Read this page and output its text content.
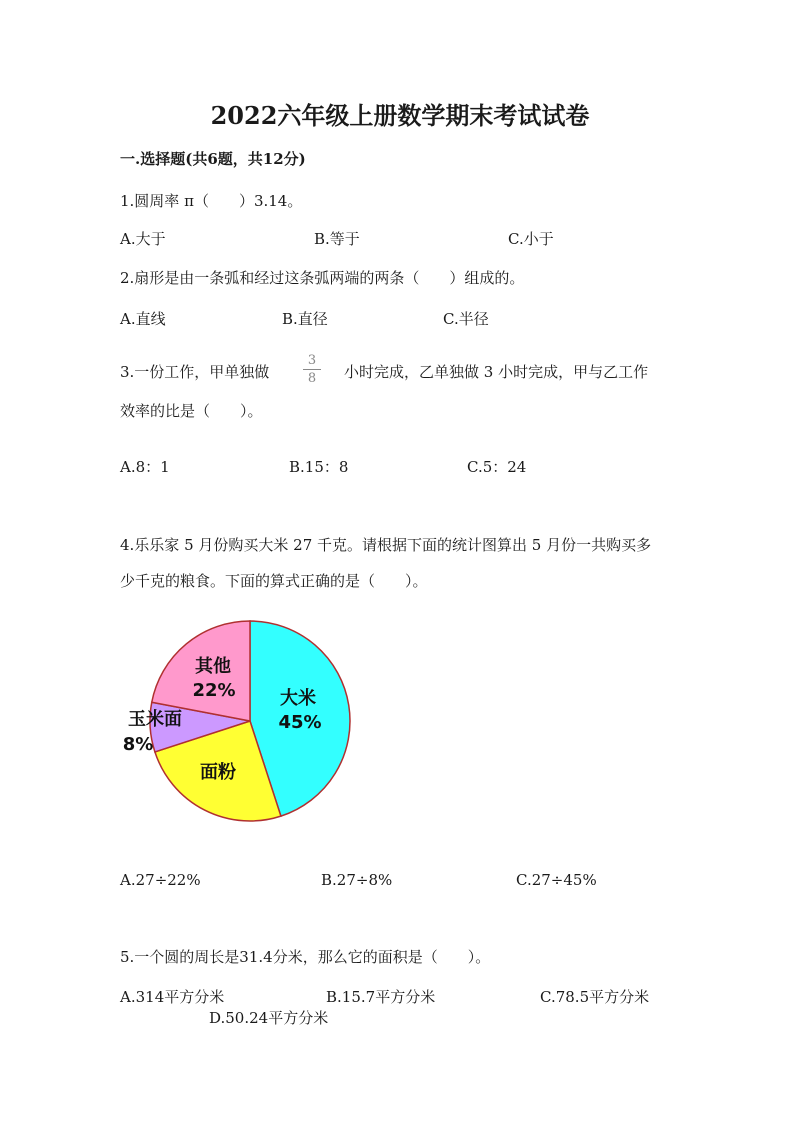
2022六年级上册数学期末考试试卷
一.选择题(共6题，共12分)
1.圆周率 π（　　）3.14。
A.大于	B.等于	C.小于
2.扇形是由一条弧和经过这条弧两端的两条（　　）组成的。
A.直线	B.直径	C.半径
3.一份工作，甲单独做
3
8	小时完成，乙单独做 3 小时完成，甲与乙工作
效率的比是（　　）。
A.8：1	B.15：8	C.5：24
4.乐乐家 5 月份购买大米 27 千克。请根据下面的统计图算出 5 月份一共购买多
少千克的粮食。下面的算式正确的是（　　）。
大米
45%
面粉
玉米面
8%
其他
22%
A.27÷22%	B.27÷8%	C.27÷45%
5.一个圆的周长是31.4分米，那么它的面积是（　　）。
A.314平方分米	B.15.7平方分米	C.78.5平方分米
D.50.24平方分米
